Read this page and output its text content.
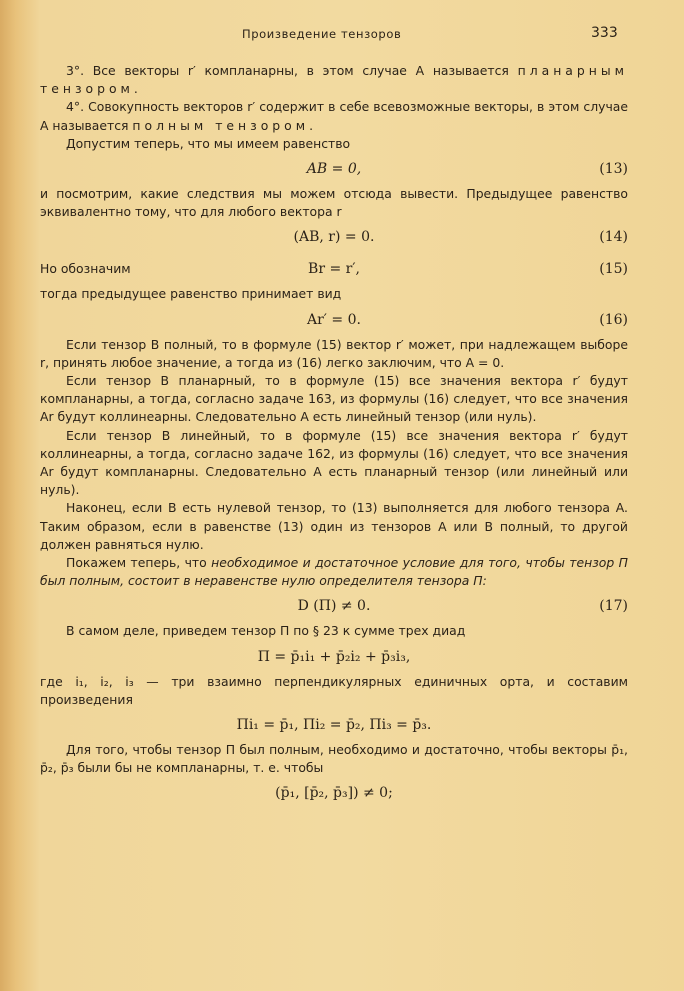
Произведение тензоров	333

3°. Все векторы r′ компланарны, в этом случае A называется планарным тензором.

4°. Совокупность векторов r′ содержит в себе всевозможные векторы, в этом случае A называется полным тензором.

Допустим теперь, что мы имеем равенство

AB = 0,	(13)

и посмотрим, какие следствия мы можем отсюда вывести. Предыдущее равенство эквивалентно тому, что для любого вектора r

(AB, r) = 0.	(14)
Но обозначим	Br = r′,	(15)

тогда предыдущее равенство принимает вид

Ar′ = 0.	(16)

Если тензор B полный, то в формуле (15) вектор r′ может, при надлежащем выборе r, принять любое значение, а тогда из (16) легко заключим, что A = 0.

Если тензор B планарный, то в формуле (15) все значения вектора r′ будут компланарны, а тогда, согласно задаче 163, из формулы (16) следует, что все значения Ar будут коллинеарны. Следовательно A есть линейный тензор (или нуль).

Если тензор B линейный, то в формуле (15) все значения вектора r′ будут коллинеарны, а тогда, согласно задаче 162, из формулы (16) следует, что все значения Ar будут компланарны. Следовательно A есть планарный тензор (или линейный или нуль).

Наконец, если B есть нулевой тензор, то (13) выполняется для любого тензора A. Таким образом, если в равенстве (13) один из тензоров A или B полный, то другой должен равняться нулю.

Покажем теперь, что необходимое и достаточное условие для того, чтобы тензор Π был полным, состоит в неравенстве нулю определителя тензора Π:

D (Π) ≠ 0.	(17)

В самом деле, приведем тензор Π по § 23 к сумме трех диад

Π = p̄₁i₁ + p̄₂i₂ + p̄₃i₃,

где i₁, i₂, i₃ — три взаимно перпендикулярных единичных орта, и составим произведения

Πi₁ = p̄₁, Πi₂ = p̄₂, Πi₃ = p̄₃.

Для того, чтобы тензор Π был полным, необходимо и достаточно, чтобы векторы p̄₁, p̄₂, p̄₃ были бы не компланарны, т. е. чтобы

(p̄₁, [p̄₂, p̄₃]) ≠ 0;
